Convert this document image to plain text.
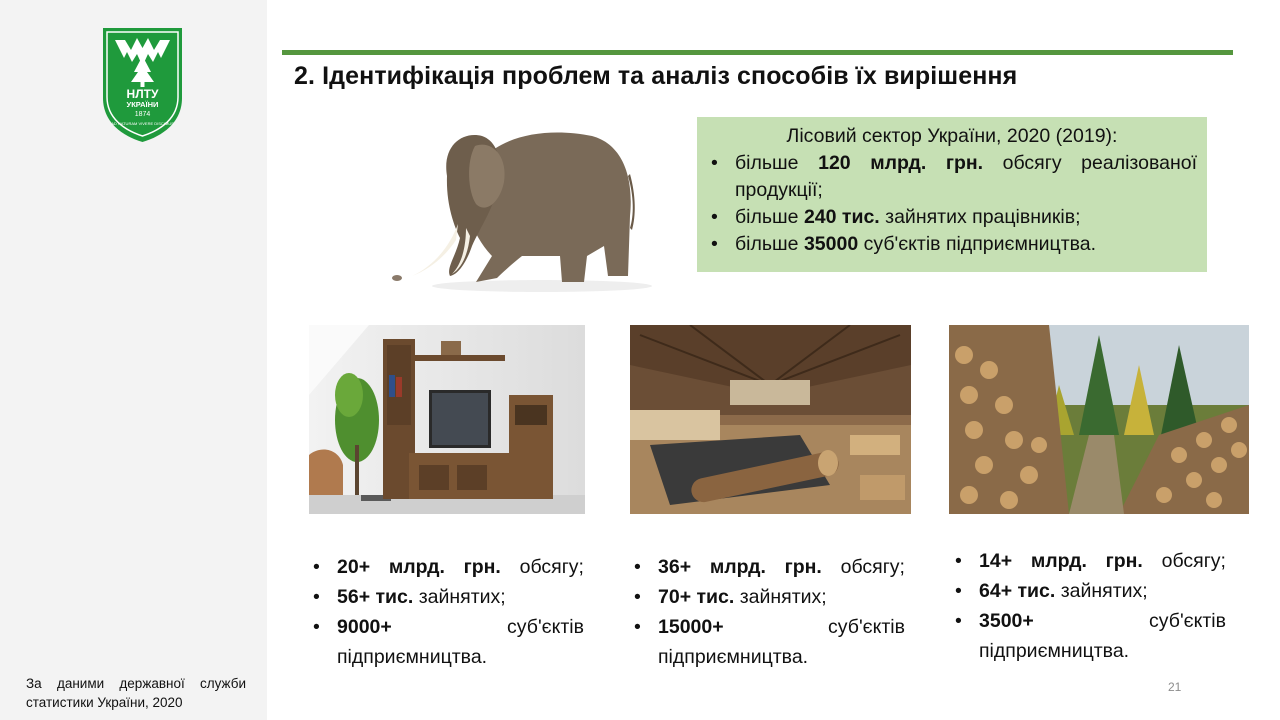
НЛТУ
УКРАЇНИ
1874
AD NATURAM VIVERE DISCIMUS
За даними державної служби статистики України, 2020
2. Ідентифікація проблем та аналіз способів їх вирішення
Лісовий сектор України, 2020 (2019):
• більше 120 млрд. грн. обсягу реалізованої продукції;
• більше 240 тис. зайнятих працівників;
• більше 35000 суб'єктів підприємництва.
• 20+ млрд. грн. обсягу;
• 56+ тис. зайнятих;
• 9000+ суб'єктів підприємництва.
• 36+ млрд. грн. обсягу;
• 70+ тис. зайнятих;
• 15000+ суб'єктів підприємництва.
• 14+ млрд. грн. обсягу;
• 64+ тис. зайнятих;
• 3500+ суб'єктів підприємництва.
21
